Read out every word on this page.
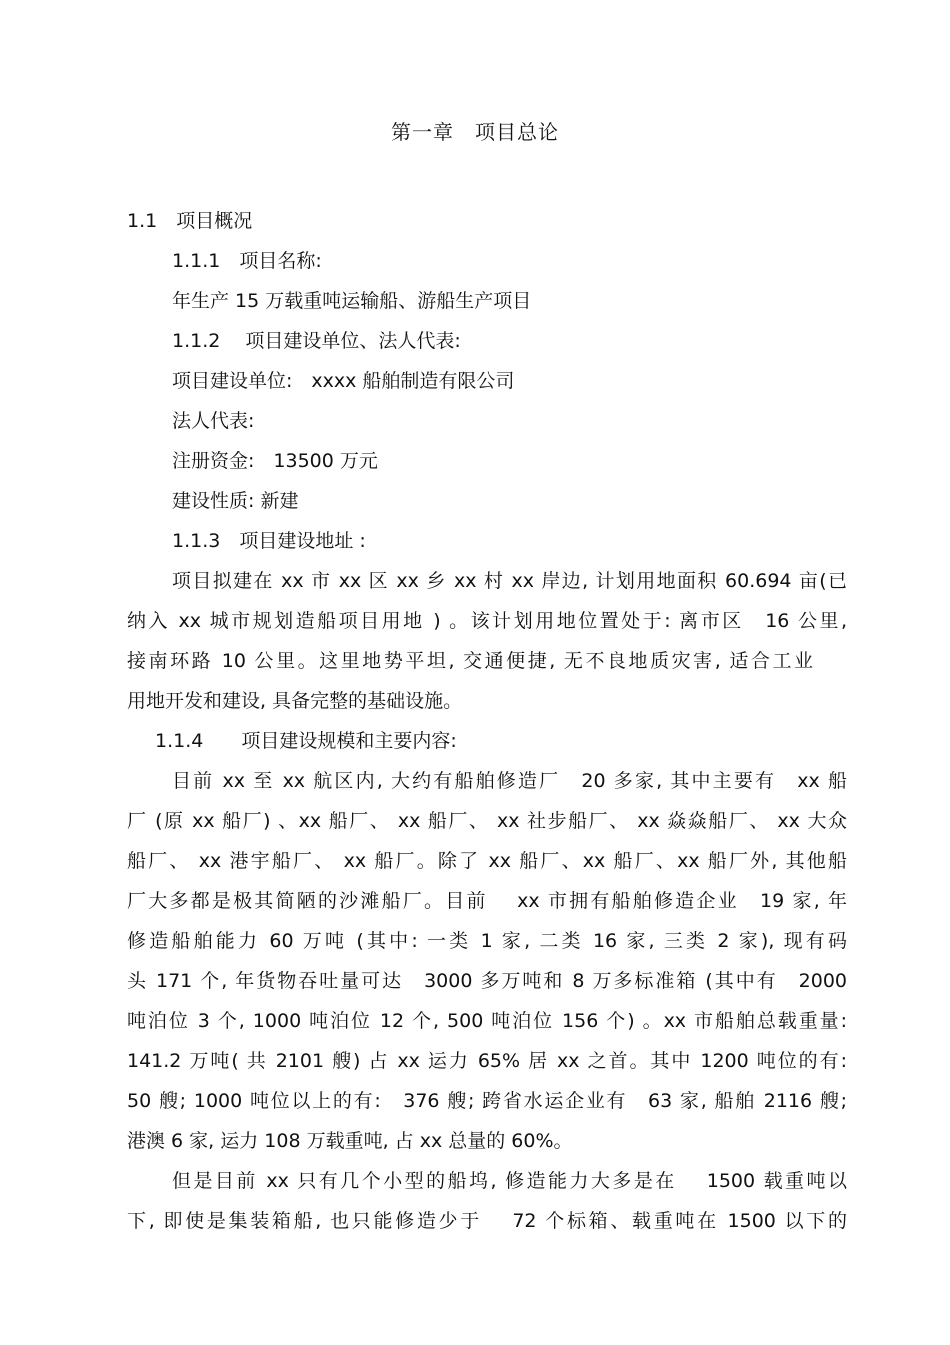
第一章　项目总论
1.1　项目概况
1.1.1　项目名称:
年生产 15 万载重吨运输船、游船生产项目
1.1.2　 项目建设单位、法人代表:
项目建设单位:　xxxx 船舶制造有限公司
法人代表:
注册资金:　13500 万元
建设性质: 新建
1.1.3　项目建设地址 :
项目拟建在 xx 市 xx 区 xx 乡 xx 村 xx 岸边, 计划用地面积 60.694 亩(已
纳入 xx 城市规划造船项目用地 ) 。该计划用地位置处于: 离市区　16 公里,
接南环路 10 公里。这里地势平坦, 交通便捷, 无不良地质灾害, 适合工业
用地开发和建设, 具备完整的基础设施。
1.1.4　　项目建设规模和主要内容:
目前 xx 至 xx 航区内, 大约有船舶修造厂　20 多家, 其中主要有　xx 船
厂 (原 xx 船厂) 、xx 船厂、 xx 船厂、 xx 社步船厂、 xx 焱焱船厂、 xx 大众
船厂、 xx 港宇船厂、 xx 船厂。除了 xx 船厂、xx 船厂、xx 船厂外, 其他船
厂大多都是极其简陋的沙滩船厂。目前　 xx 市拥有船舶修造企业　19 家, 年
修造船舶能力 60 万吨 (其中: 一类 1 家, 二类 16 家, 三类 2 家), 现有码
头 171 个, 年货物吞吐量可达　3000 多万吨和 8 万多标准箱 (其中有　2000
吨泊位 3 个, 1000 吨泊位 12 个, 500 吨泊位 156 个) 。xx 市船舶总载重量:
141.2 万吨( 共 2101 艘) 占 xx 运力 65% 居 xx 之首。其中 1200 吨位的有:
50 艘; 1000 吨位以上的有:　376 艘; 跨省水运企业有　63 家, 船舶 2116 艘;
港澳 6 家, 运力 108 万载重吨, 占 xx 总量的 60%。
但是目前 xx 只有几个小型的船坞, 修造能力大多是在　 1500 载重吨以
下, 即使是集装箱船, 也只能修造少于　 72 个标箱、载重吨在 1500 以下的
